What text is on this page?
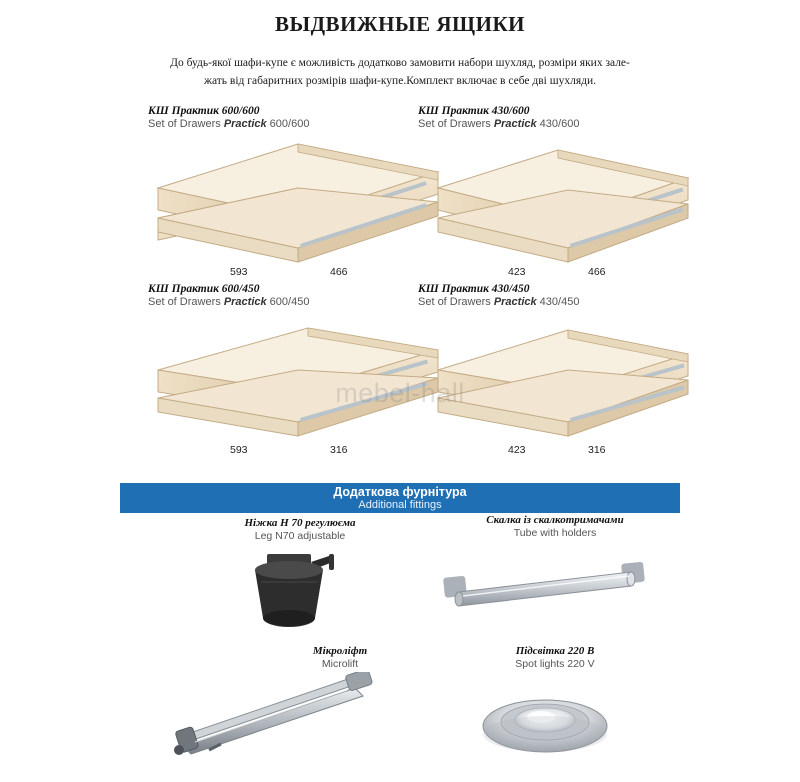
ВЫДВИЖНЫЕ ЯЩИКИ
До будь-якої шафи-купе є можливість додатково замовити набори шухляд, розміри яких зале-
жать від габаритних розмірів шафи-купе.Комплект включає в себе дві шухляди.
КШ Практик 600/600
Set of Drawers Practick 600/600
593	466
КШ Практик 430/600
Set of Drawers Practick 430/600
423	466
КШ Практик 600/450
Set of Drawers Practick 600/450
593	316
КШ Практик 430/450
Set of Drawers Practick 430/450
423	316
mebel-hall
Додаткова фурнітура
Additional fittings
Ніжка Н 70 регулюєма
Leg N70 adjustable
Скалка із скалкотримачами
Tube with holders
Мікроліфт
Microlift
Підсвітка 220 В
Spot lights 220 V
